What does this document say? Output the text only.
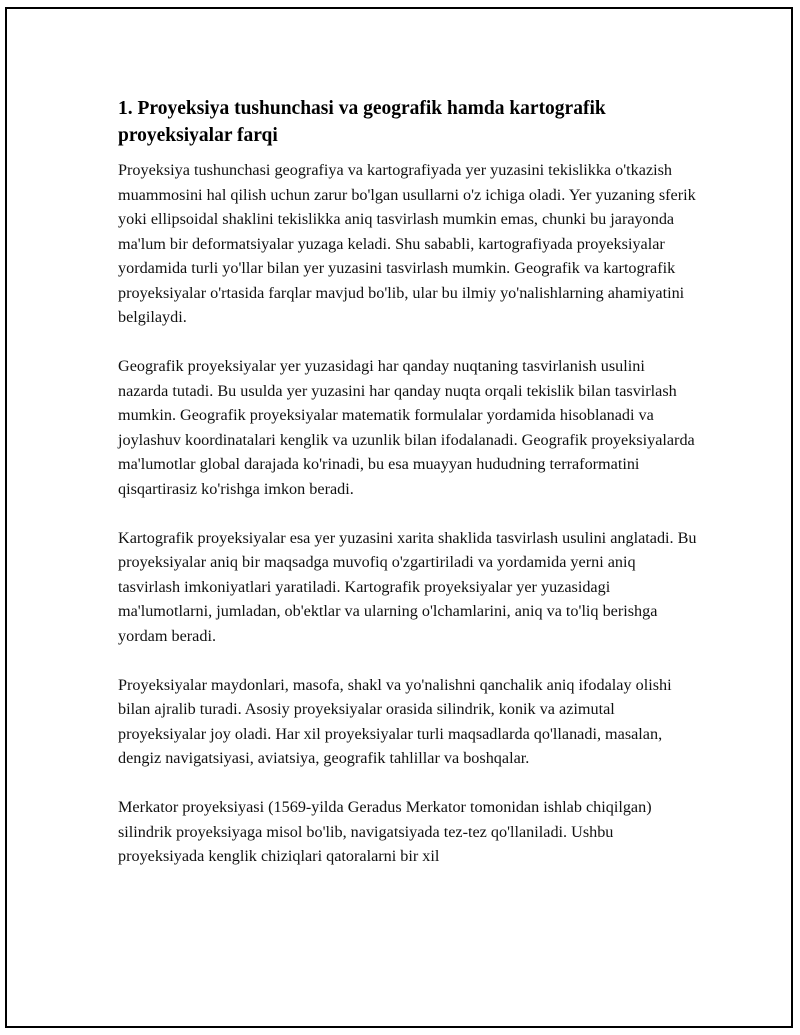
1. Proyeksiya tushunchasi va geografik hamda kartografik proyeksiyalar farqi

Proyeksiya tushunchasi geografiya va kartografiyada yer yuzasini tekislikka o'tkazish muammosini hal qilish uchun zarur bo'lgan usullarni o'z ichiga oladi. Yer yuzaning sferik yoki ellipsoidal shaklini tekislikka aniq tasvirlash mumkin emas, chunki bu jarayonda ma'lum bir deformatsiyalar yuzaga keladi. Shu sababli, kartografiyada proyeksiyalar yordamida turli yo'llar bilan yer yuzasini tasvirlash mumkin. Geografik va kartografik proyeksiyalar o'rtasida farqlar mavjud bo'lib, ular bu ilmiy yo'nalishlarning ahamiyatini belgilaydi.

Geografik proyeksiyalar yer yuzasidagi har qanday nuqtaning tasvirlanish usulini nazarda tutadi. Bu usulda yer yuzasini har qanday nuqta orqali tekislik bilan tasvirlash mumkin. Geografik proyeksiyalar matematik formulalar yordamida hisoblanadi va joylashuv koordinatalari kenglik va uzunlik bilan ifodalanadi. Geografik proyeksiyalarda ma'lumotlar global darajada ko'rinadi, bu esa muayyan hududning terraformatini qisqartirasiz ko'rishga imkon beradi.

Kartografik proyeksiyalar esa yer yuzasini xarita shaklida tasvirlash usulini anglatadi. Bu proyeksiyalar aniq bir maqsadga muvofiq o'zgartiriladi va yordamida yerni aniq tasvirlash imkoniyatlari yaratiladi. Kartografik proyeksiyalar yer yuzasidagi ma'lumotlarni, jumladan, ob'ektlar va ularning o'lchamlarini, aniq va to'liq berishga yordam beradi.

Proyeksiyalar maydonlari, masofa, shakl va yo'nalishni qanchalik aniq ifodalay olishi bilan ajralib turadi. Asosiy proyeksiyalar orasida silindrik, konik va azimutal proyeksiyalar joy oladi. Har xil proyeksiyalar turli maqsadlarda qo'llanadi, masalan, dengiz navigatsiyasi, aviatsiya, geografik tahlillar va boshqalar.

Merkator proyeksiyasi (1569-yilda Geradus Merkator tomonidan ishlab chiqilgan) silindrik proyeksiyaga misol bo'lib, navigatsiyada tez-tez qo'llaniladi. Ushbu proyeksiyada kenglik chiziqlari qatoralarni bir xil
